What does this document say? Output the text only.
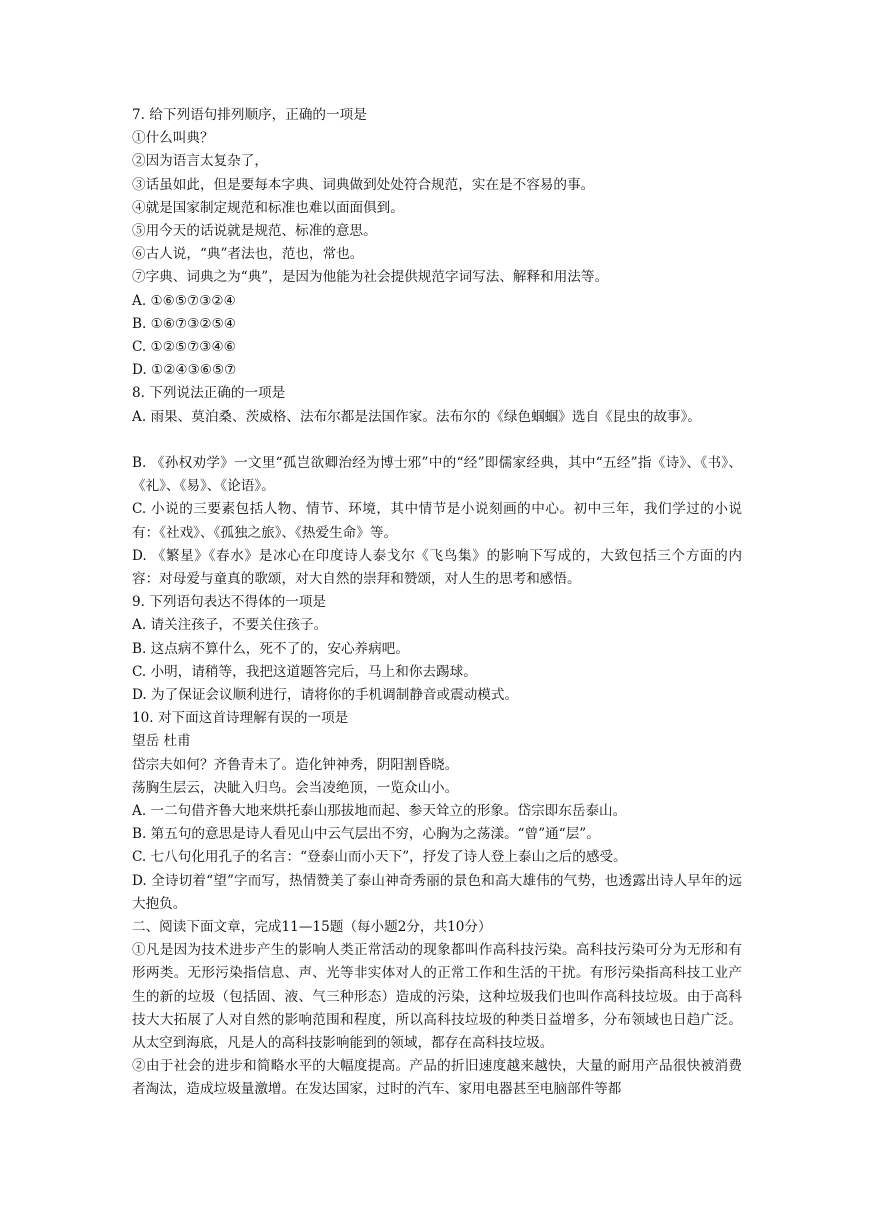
7. 给下列语句排列顺序，正确的一项是
①什么叫典？
②因为语言太复杂了，
③话虽如此，但是要每本字典、词典做到处处符合规范，实在是不容易的事。
④就是国家制定规范和标准也难以面面俱到。
⑤用今天的话说就是规范、标准的意思。
⑥古人说，“典”者法也，范也，常也。
⑦字典、词典之为“典”，是因为他能为社会提供规范字词写法、解释和用法等。
A. ①⑥⑤⑦③②④
B. ①⑥⑦③②⑤④
C. ①②⑤⑦③④⑥
D. ①②④③⑥⑤⑦
8. 下列说法正确的一项是
A. 雨果、莫泊桑、茨威格、法布尔都是法国作家。法布尔的《绿色蝈蝈》选自《昆虫的故事》。
B. 《孙权劝学》一文里“孤岂欲卿治经为博士邪”中的“经”即儒家经典，其中“五经”指《诗》、《书》、《礼》、《易》、《论语》。
C. 小说的三要素包括人物、情节、环境，其中情节是小说刻画的中心。初中三年，我们学过的小说有：《社戏》、《孤独之旅》、《热爱生命》等。
D. 《繁星》《春水》是冰心在印度诗人泰戈尔《飞鸟集》的影响下写成的，大致包括三个方面的内容：对母爱与童真的歌颂，对大自然的崇拜和赞颂，对人生的思考和感悟。
9. 下列语句表达不得体的一项是
A. 请关注孩子，不要关住孩子。
B. 这点病不算什么，死不了的，安心养病吧。
C. 小明，请稍等，我把这道题答完后，马上和你去踢球。
D. 为了保证会议顺利进行，请将你的手机调制静音或震动模式。
10. 对下面这首诗理解有误的一项是
望岳 杜甫
岱宗夫如何？齐鲁青未了。造化钟神秀，阴阳割昏晓。
荡胸生层云，决眦入归鸟。会当凌绝顶，一览众山小。
A. 一二句借齐鲁大地来烘托泰山那拔地而起、参天耸立的形象。岱宗即东岳泰山。
B. 第五句的意思是诗人看见山中云气层出不穷，心胸为之荡漾。“曾”通“层”。
C. 七八句化用孔子的名言：“登泰山而小天下”，抒发了诗人登上泰山之后的感受。
D. 全诗切着“望”字而写，热情赞美了泰山神奇秀丽的景色和高大雄伟的气势，也透露出诗人早年的远大抱负。
二、阅读下面文章，完成11—15题（每小题2分，共10分）
①凡是因为技术进步产生的影响人类正常活动的现象都叫作高科技污染。高科技污染可分为无形和有形两类。无形污染指信息、声、光等非实体对人的正常工作和生活的干扰。有形污染指高科技工业产生的新的垃圾（包括固、液、气三种形态）造成的污染，这种垃圾我们也叫作高科技垃圾。由于高科技大大拓展了人对自然的影响范围和程度，所以高科技垃圾的种类日益增多，分布领域也日趋广泛。从太空到海底，凡是人的高科技影响能到的领域，都存在高科技垃圾。
②由于社会的进步和简略水平的大幅度提高。产品的折旧速度越来越快，大量的耐用产品很快被消费者淘汰，造成垃圾量激增。在发达国家，过时的汽车、家用电器甚至电脑部件等都
